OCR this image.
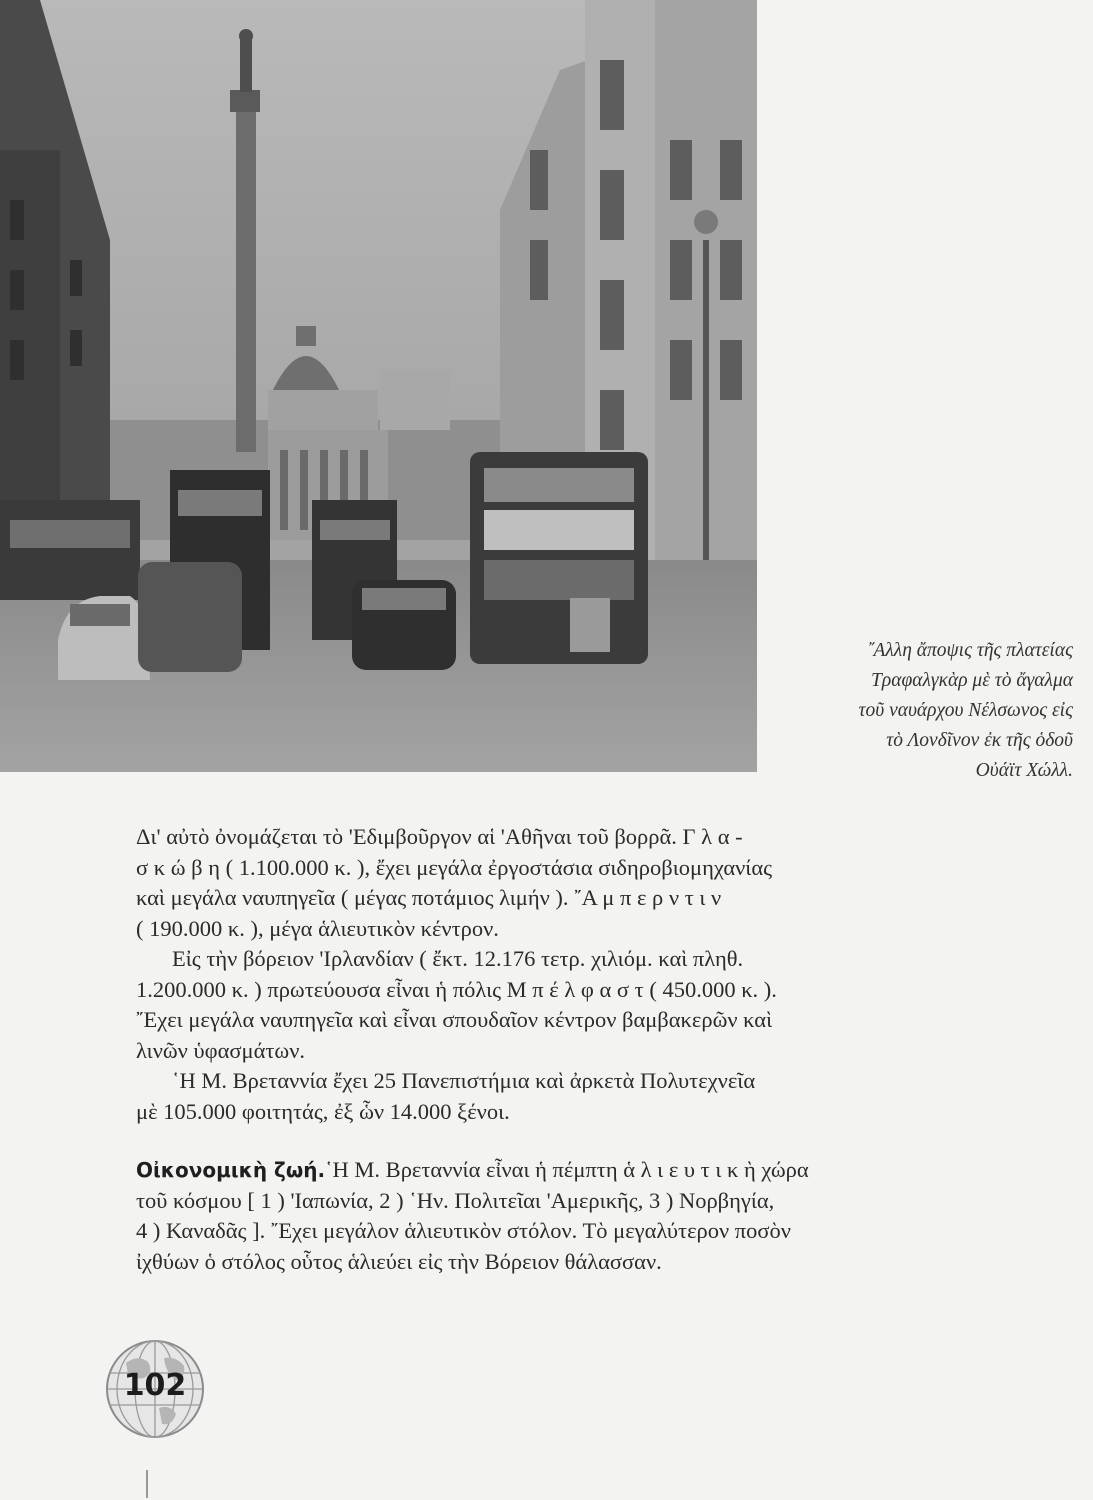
῎Αλλη ἄποψις τῆς πλατείας
Τραφαλγκὰρ μὲ τὸ ἄγαλμα
τοῦ ναυάρχου Νέλσωνος εἰς
τὸ Λονδῖνον ἐκ τῆς ὁδοῦ
Οὐάϊτ Χώλλ.
Δι' αὐτὸ ὀνομάζεται τὸ 'Εδιμβοῦργον αἱ 'Αθῆναι τοῦ βορρᾶ. Γ λ α -
σ κ ώ β η ( 1.100.000 κ. ), ἔχει μεγάλα ἐργοστάσια σιδηροβιομηχανίας
καὶ μεγάλα ναυπηγεῖα ( μέγας ποτάμιος λιμήν ). ῎Α μ π ε ρ ν τ ι ν
( 190.000 κ. ), μέγα ἁλιευτικὸν κέντρον.
Εἰς τὴν βόρειον 'Ιρλανδίαν ( ἔκτ. 12.176 τετρ. χιλιόμ. καὶ πληθ.
1.200.000 κ. ) πρωτεύουσα εἶναι ἡ πόλις Μ π έ λ φ α σ τ ( 450.000 κ. ).
῎Εχει μεγάλα ναυπηγεῖα καὶ εἶναι σπουδαῖον κέντρον βαμβακερῶν καὶ
λινῶν ὑφασμάτων.
῾Η Μ. Βρεταννία ἔχει 25 Πανεπιστήμια καὶ ἀρκετὰ Πολυτεχνεῖα
μὲ 105.000 φοιτητάς, ἐξ ὧν 14.000 ξένοι.
Οἰκονομικὴ ζωή.῾Η Μ. Βρεταννία εἶναι ἡ πέμπτη ἁ λ ι ε υ τ ι κ ὴ χώρα
τοῦ κόσμου [ 1 ) 'Ιαπωνία, 2 ) ῾Ην. Πολιτεῖαι 'Αμερικῆς, 3 ) Νορβηγία,
4 ) Καναδᾶς ]. ῎Εχει μεγάλον ἁλιευτικὸν στόλον. Τὸ μεγαλύτερον ποσὸν
ἰχθύων ὁ στόλος οὗτος ἁλιεύει εἰς τὴν Βόρειον θάλασσαν.
102
